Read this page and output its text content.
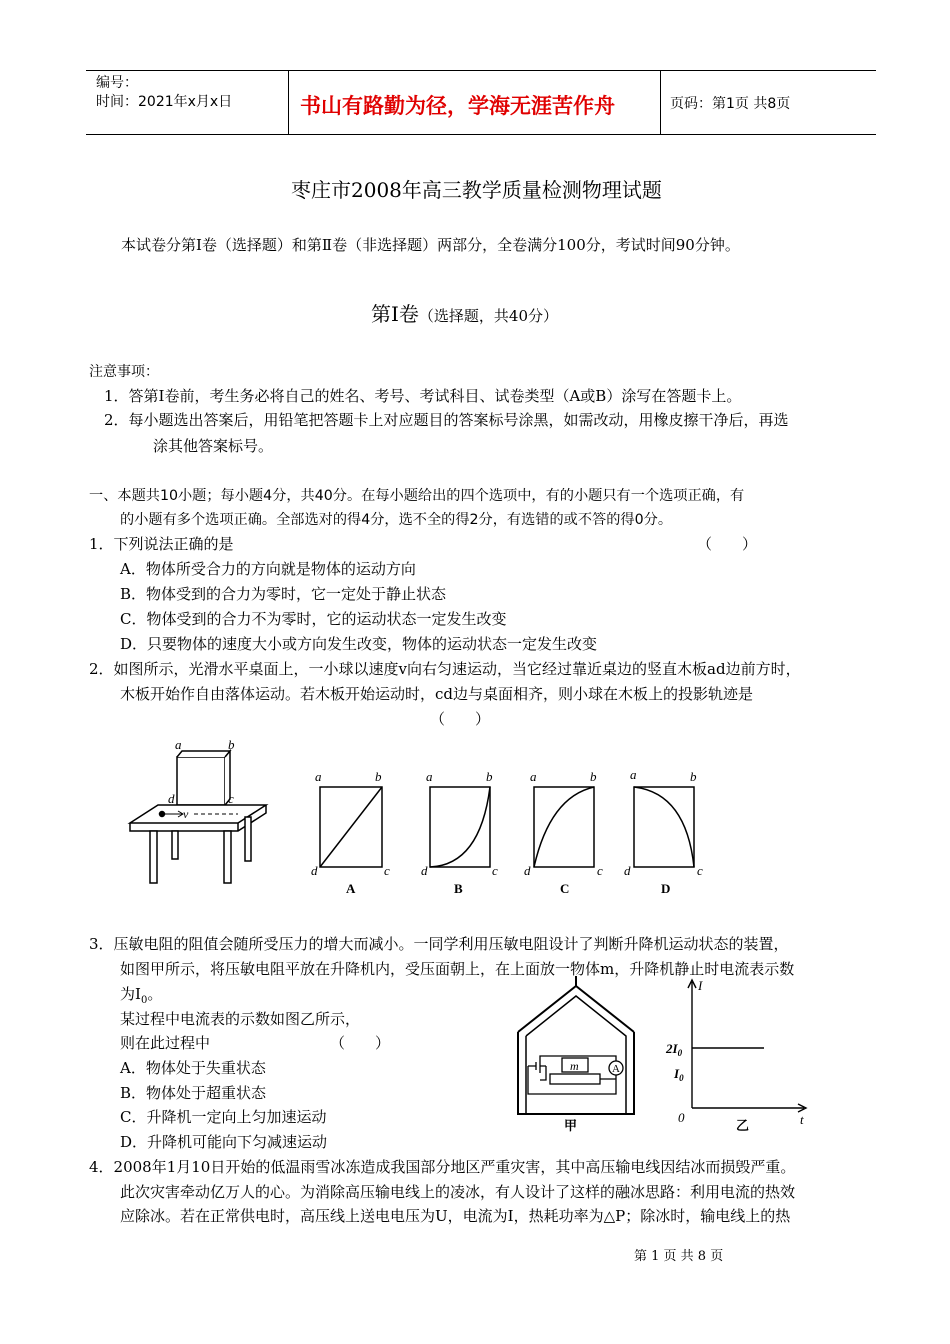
编号：
时间：2021年x月x日	书山有路勤为径，学海无涯苦作舟	页码：第1页 共8页
枣庄市2008年高三教学质量检测物理试题
本试卷分第Ⅰ卷（选择题）和第Ⅱ卷（非选择题）两部分，全卷满分100分，考试时间90分钟。
第Ⅰ卷（选择题，共40分）
注意事项：
1．答第Ⅰ卷前，考生务必将自己的姓名、考号、考试科目、试卷类型（A或B）涂写在答题卡上。
2．每小题选出答案后，用铅笔把答题卡上对应题目的答案标号涂黑，如需改动，用橡皮擦干净后，再选
涂其他答案标号。
一、本题共10小题；每小题4分，共40分。在每小题给出的四个选项中，有的小题只有一个选项正确，有
的小题有多个选项正确。全部选对的得4分，选不全的得2分，有选错的或不答的得0分。
1．下列说法正确的是	（　　）
A．物体所受合力的方向就是物体的运动方向
B．物体受到的合力为零时，它一定处于静止状态
C．物体受到的合力不为零时，它的运动状态一定发生改变
D．只要物体的速度大小或方向发生改变，物体的运动状态一定发生改变
2．如图所示，光滑水平桌面上，一小球以速度v向右匀速运动，当它经过靠近桌边的竖直木板ad边前方时，
木板开始作自由落体运动。若木板开始运动时，cd边与桌面相齐，则小球在木板上的投影轨迹是
（　　）
a	b
d	c
v
a	b
d	c
A
a	b
d	c
B
a	b
d	c
C
a	b
d	c
D
3．压敏电阻的阻值会随所受压力的增大而减小。一同学利用压敏电阻设计了判断升降机运动状态的装置，
如图甲所示，将压敏电阻平放在升降机内，受压面朝上，在上面放一物体m，升降机静止时电流表示数
为$I_0$。
某过程中电流表的示数如图乙所示，
则在此过程中	（　　）
A．物体处于失重状态
B．物体处于超重状态
C．升降机一定向上匀加速运动
D．升降机可能向下匀减速运动
m	A
甲
I
t
0
$2I_0$
$I_0$
乙
4．2008年1月10日开始的低温雨雪冰冻造成我国部分地区严重灾害，其中高压输电线因结冰而损毁严重。
此次灾害牵动亿万人的心。为消除高压输电线上的凌冰，有人设计了这样的融冰思路：利用电流的热效
应除冰。若在正常供电时，高压线上送电电压为U，电流为I，热耗功率为△P；除冰时，输电线上的热
第 1 页 共 8 页
